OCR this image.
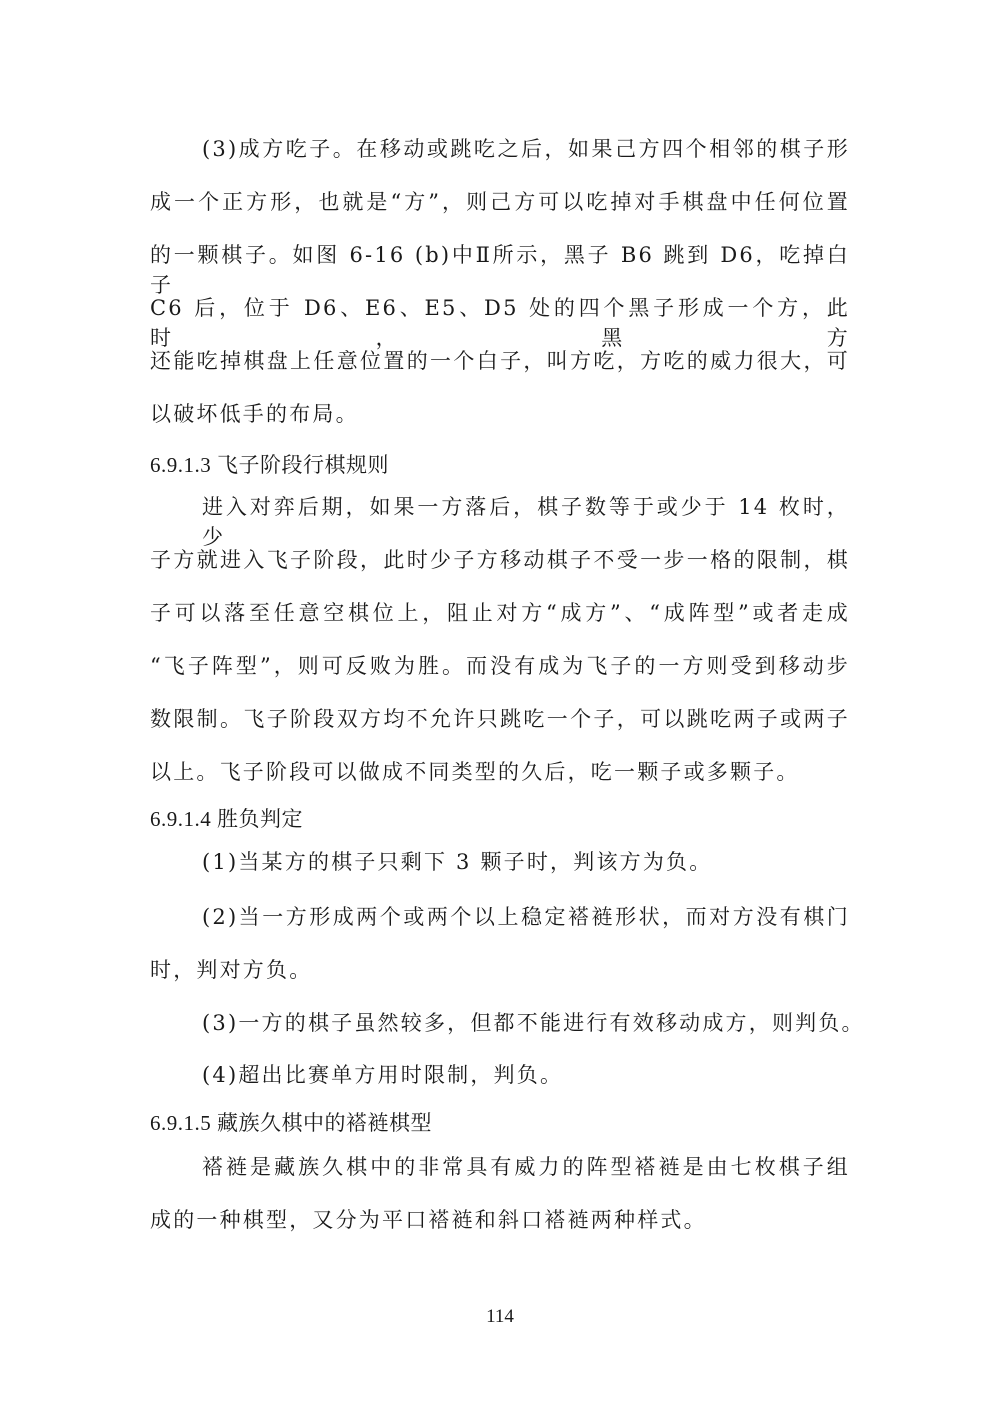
(3)成方吃子。在移动或跳吃之后，如果己方四个相邻的棋子形
成一个正方形，也就是“方”，则己方可以吃掉对手棋盘中任何位置
的一颗棋子。如图 6-16 (b)中Ⅱ所示，黑子 B6 跳到 D6，吃掉白子
C6 后，位于 D6、E6、E5、D5 处的四个黑子形成一个方，此时，黑方
还能吃掉棋盘上任意位置的一个白子，叫方吃，方吃的威力很大，可
以破坏低手的布局。
6.9.1.3 飞子阶段行棋规则
进入对弈后期，如果一方落后，棋子数等于或少于 14 枚时，少
子方就进入飞子阶段，此时少子方移动棋子不受一步一格的限制，棋
子可以落至任意空棋位上，阻止对方“成方”、“成阵型”或者走成
“飞子阵型”，则可反败为胜。而没有成为飞子的一方则受到移动步
数限制。飞子阶段双方均不允许只跳吃一个子，可以跳吃两子或两子
以上。飞子阶段可以做成不同类型的久后，吃一颗子或多颗子。
6.9.1.4 胜负判定
(1)当某方的棋子只剩下 3 颗子时，判该方为负。
(2)当一方形成两个或两个以上稳定褡裢形状，而对方没有棋门
时，判对方负。
(3)一方的棋子虽然较多，但都不能进行有效移动成方，则判负。
(4)超出比赛单方用时限制，判负。
6.9.1.5 藏族久棋中的褡裢棋型
褡裢是藏族久棋中的非常具有威力的阵型褡裢是由七枚棋子组
成的一种棋型，又分为平口褡裢和斜口褡裢两种样式。
114
